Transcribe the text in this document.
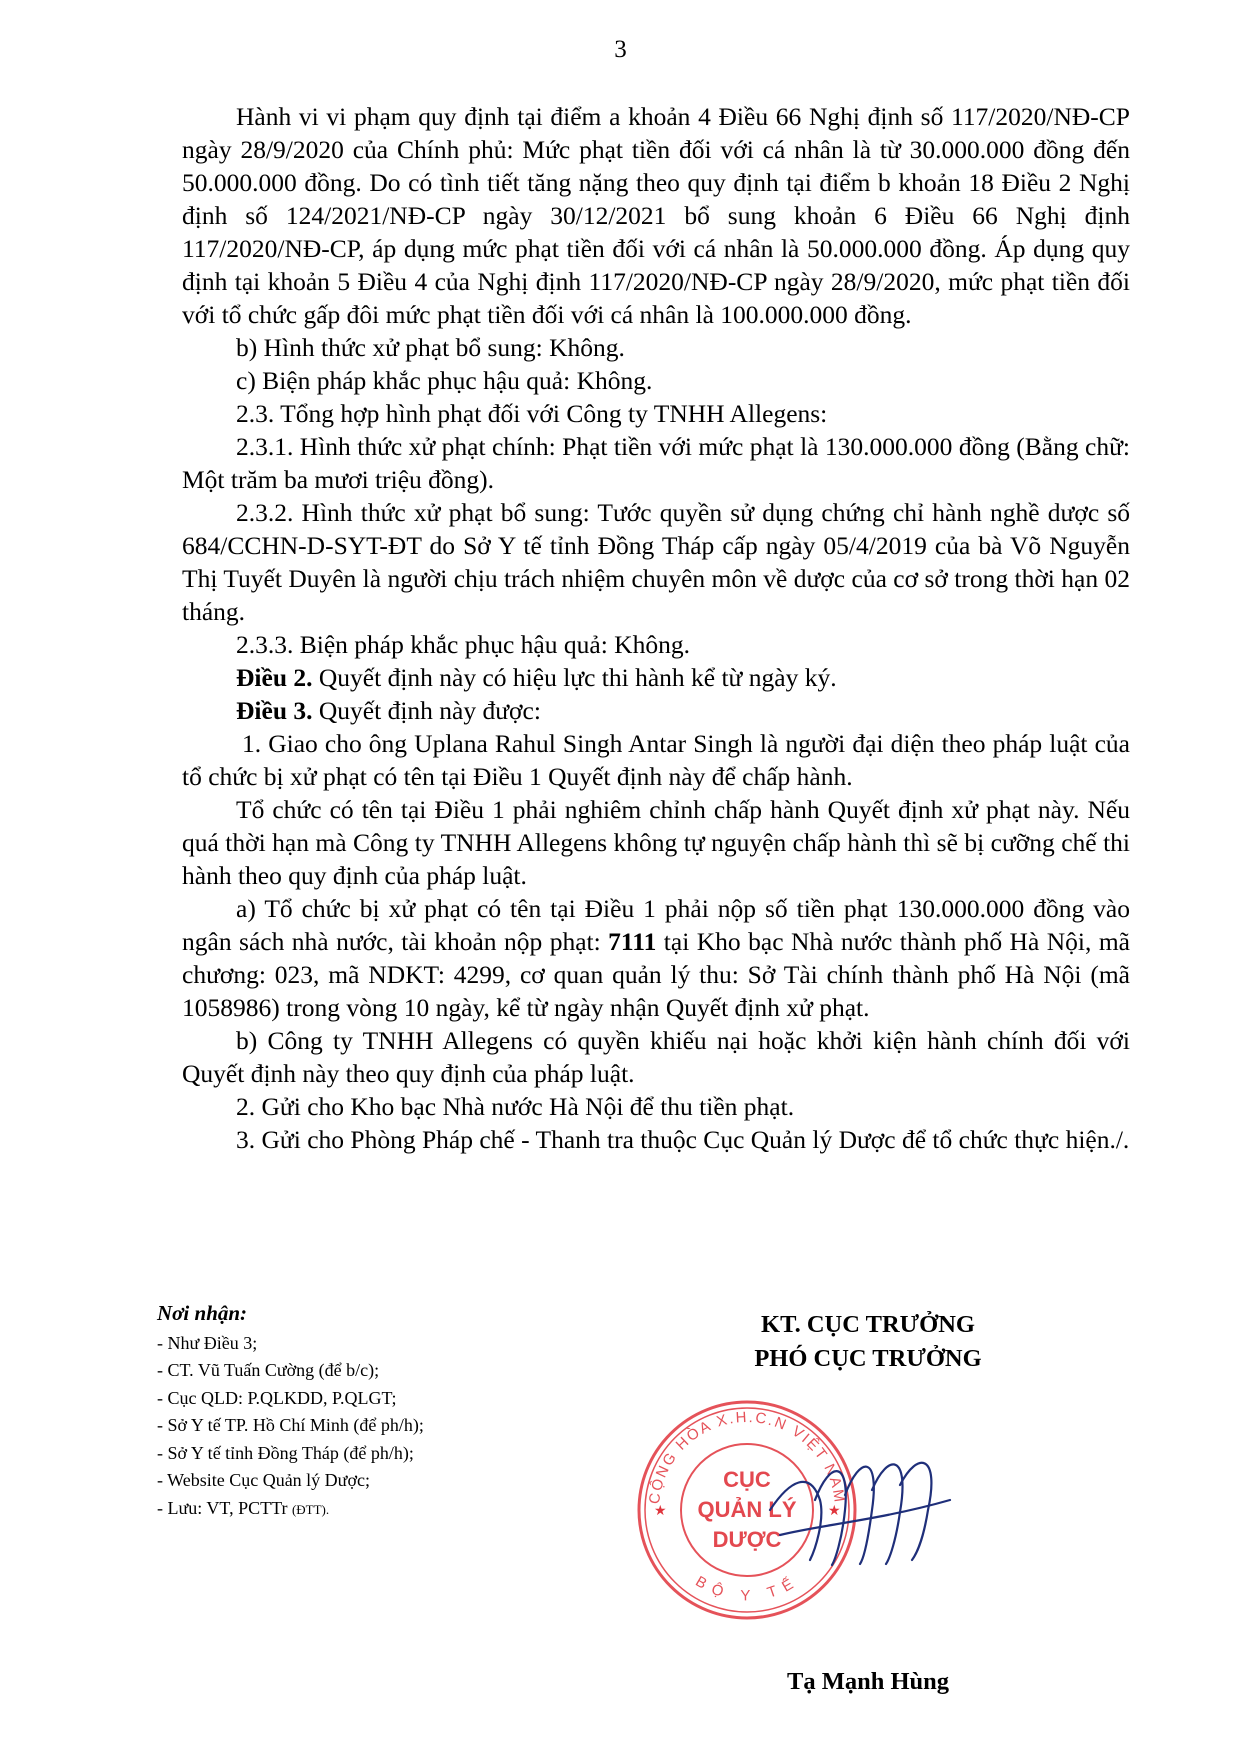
3

Hành vi vi phạm quy định tại điểm a khoản 4 Điều 66 Nghị định số 117/2020/NĐ-CP ngày 28/9/2020 của Chính phủ: Mức phạt tiền đối với cá nhân là từ 30.000.000 đồng đến 50.000.000 đồng. Do có tình tiết tăng nặng theo quy định tại điểm b khoản 18 Điều 2 Nghị định số 124/2021/NĐ-CP ngày 30/12/2021 bổ sung khoản 6 Điều 66 Nghị định 117/2020/NĐ-CP, áp dụng mức phạt tiền đối với cá nhân là 50.000.000 đồng. Áp dụng quy định tại khoản 5 Điều 4 của Nghị định 117/2020/NĐ-CP ngày 28/9/2020, mức phạt tiền đối với tổ chức gấp đôi mức phạt tiền đối với cá nhân là 100.000.000 đồng.

b) Hình thức xử phạt bổ sung: Không.

c) Biện pháp khắc phục hậu quả: Không.

2.3. Tổng hợp hình phạt đối với Công ty TNHH Allegens:

2.3.1. Hình thức xử phạt chính: Phạt tiền với mức phạt là 130.000.000 đồng (Bằng chữ: Một trăm ba mươi triệu đồng).

2.3.2. Hình thức xử phạt bổ sung: Tước quyền sử dụng chứng chỉ hành nghề dược số 684/CCHN-D-SYT-ĐT do Sở Y tế tỉnh Đồng Tháp cấp ngày 05/4/2019 của bà Võ Nguyễn Thị Tuyết Duyên là người chịu trách nhiệm chuyên môn về dược của cơ sở trong thời hạn 02 tháng.

2.3.3. Biện pháp khắc phục hậu quả: Không.

Điều 2. Quyết định này có hiệu lực thi hành kể từ ngày ký.

Điều 3. Quyết định này được:

1. Giao cho ông Uplana Rahul Singh Antar Singh là người đại diện theo pháp luật của tổ chức bị xử phạt có tên tại Điều 1 Quyết định này để chấp hành.

Tổ chức có tên tại Điều 1 phải nghiêm chỉnh chấp hành Quyết định xử phạt này. Nếu quá thời hạn mà Công ty TNHH Allegens không tự nguyện chấp hành thì sẽ bị cưỡng chế thi hành theo quy định của pháp luật.

a) Tổ chức bị xử phạt có tên tại Điều 1 phải nộp số tiền phạt 130.000.000 đồng vào ngân sách nhà nước, tài khoản nộp phạt: 7111 tại Kho bạc Nhà nước thành phố Hà Nội, mã chương: 023, mã NDKT: 4299, cơ quan quản lý thu: Sở Tài chính thành phố Hà Nội (mã 1058986) trong vòng 10 ngày, kể từ ngày nhận Quyết định xử phạt.

b) Công ty TNHH Allegens có quyền khiếu nại hoặc khởi kiện hành chính đối với Quyết định này theo quy định của pháp luật.

2. Gửi cho Kho bạc Nhà nước Hà Nội để thu tiền phạt.

3. Gửi cho Phòng Pháp chế - Thanh tra thuộc Cục Quản lý Dược để tổ chức thực hiện./.

Nơi nhận:
- Như Điều 3;
- CT. Vũ Tuấn Cường (để b/c);
- Cục QLD: P.QLKDD, P.QLGT;
- Sở Y tế TP. Hồ Chí Minh (để ph/h);
- Sở Y tế tỉnh Đồng Tháp (để ph/h);
- Website Cục Quản lý Dược;
- Lưu: VT, PCTTr (ĐTT).
KT. CỤC TRƯỞNG
PHÓ CỤC TRƯỞNG
CỘNG HÒA X.H.C.N VIỆT NAM
BỘ Y TẾ
★	★
CỤC
QUẢN LÝ
DƯỢC
Tạ Mạnh Hùng
